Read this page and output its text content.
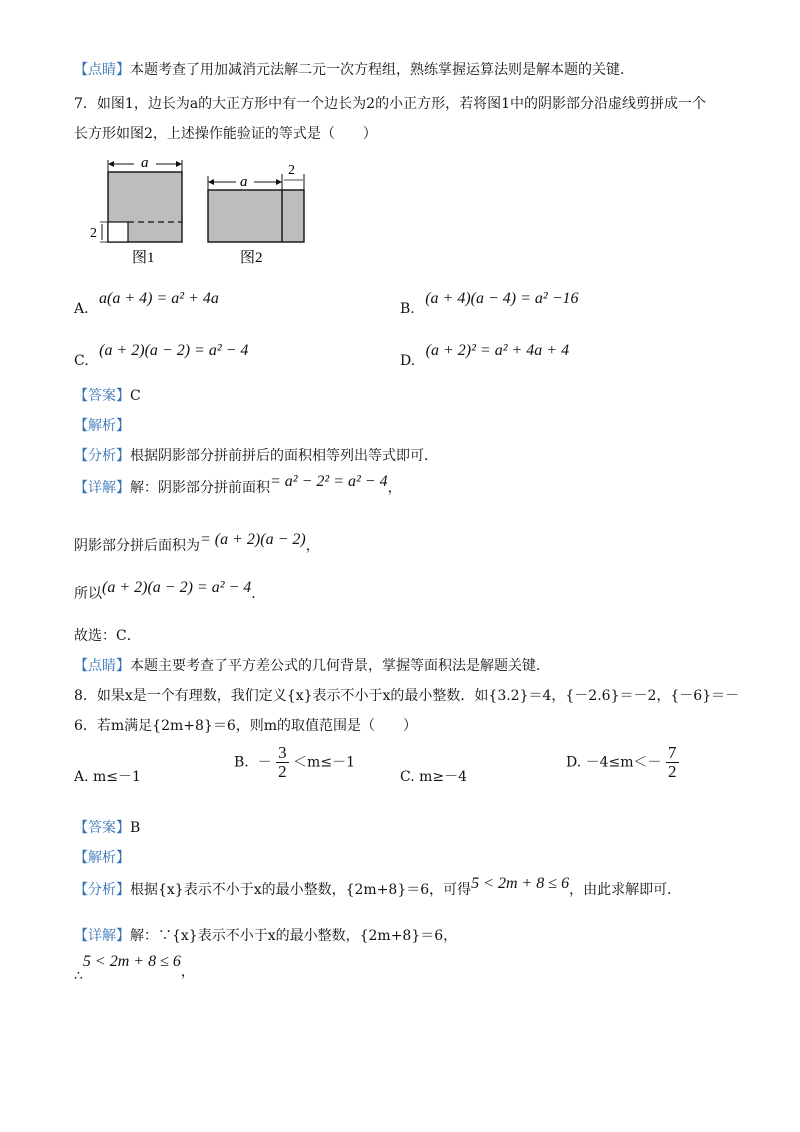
【点睛】本题考查了用加减消元法解二元一次方程组，熟练掌握运算法则是解本题的关键．
7．如图1，边长为a的大正方形中有一个边长为2的小正方形，若将图1中的阴影部分沿虚线剪拼成一个
长方形如图2，上述操作能验证的等式是（　　）
a
2
图1
a
2
图2
A. a(a + 4) = a² + 4a
B. (a + 4)(a − 4) = a² −16
C. (a + 2)(a − 2) = a² − 4
D. (a + 2)² = a² + 4a + 4
【答案】C
【解析】
【分析】根据阴影部分拼前拼后的面积相等列出等式即可．
【详解】解：阴影部分拼前面积= a² − 2² = a² − 4，
阴影部分拼后面积为= (a + 2)(a − 2)，
所以(a + 2)(a − 2) = a² − 4．
故选：C．
【点睛】本题主要考查了平方差公式的几何背景，掌握等面积法是解题关键．
8．如果x是一个有理数，我们定义{x}表示不小于x的最小整数．如{3.2}＝4，{－2.6}＝－2，{－6}＝－
6．若m满足{2m+8}＝6，则m的取值范围是（　　）
A. m≤－1
B. － $\frac{3}{2} <m\le-1$
C. m≥－4
D. $-4\le m<- \frac{7}{2}$
【答案】B
【解析】
【分析】根据{x}表示不小于x的最小整数，{2m+8}＝6，可得5 < 2m + 8 ≤ 6，由此求解即可．
【详解】解：∵{x}表示不小于x的最小整数，{2m+8}＝6，
∴5 < 2m + 8 ≤ 6，
